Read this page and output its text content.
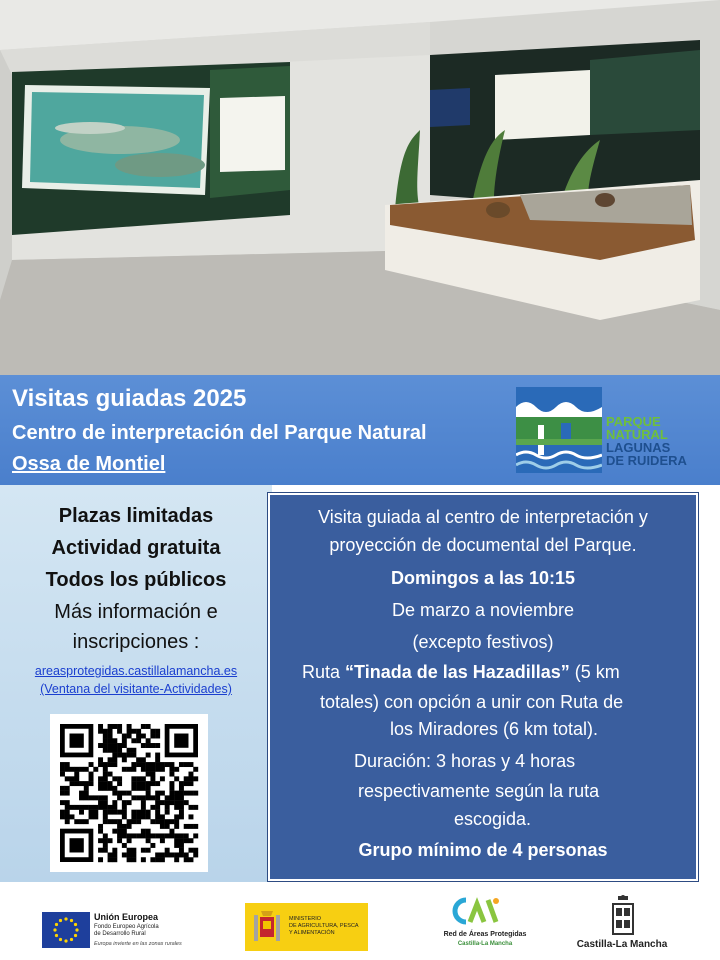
Visitas guiadas 2025
Centro de interpretación del Parque Natural
Ossa de Montiel
PARQUE
NATURAL
LAGUNAS
DE RUIDERA
Plazas limitadas
Actividad gratuita
Todos los públicos
Más información e
inscripciones :
areasprotegidas.castillalamancha.es
(Ventana del visitante-Actividades)
Visita guiada al centro de interpretación y
proyección de documental del Parque.
Domingos a las 10:15
De marzo a noviembre
(excepto festivos)
Ruta “Tinada de las Hazadillas” (5 km
totales) con opción a unir con Ruta de
los Miradores (6 km total).
Duración: 3 horas y 4 horas
respectivamente según la ruta
escogida.
Grupo mínimo de 4 personas
Unión Europea
Fondo Europeo Agrícola
de Desarrollo Rural
Europa invierte en las zonas rurales
MINISTERIO
DE AGRICULTURA, PESCA
Y ALIMENTACIÓN	Red de Áreas Protegidas
Castilla-La Mancha	Castilla-La Mancha
